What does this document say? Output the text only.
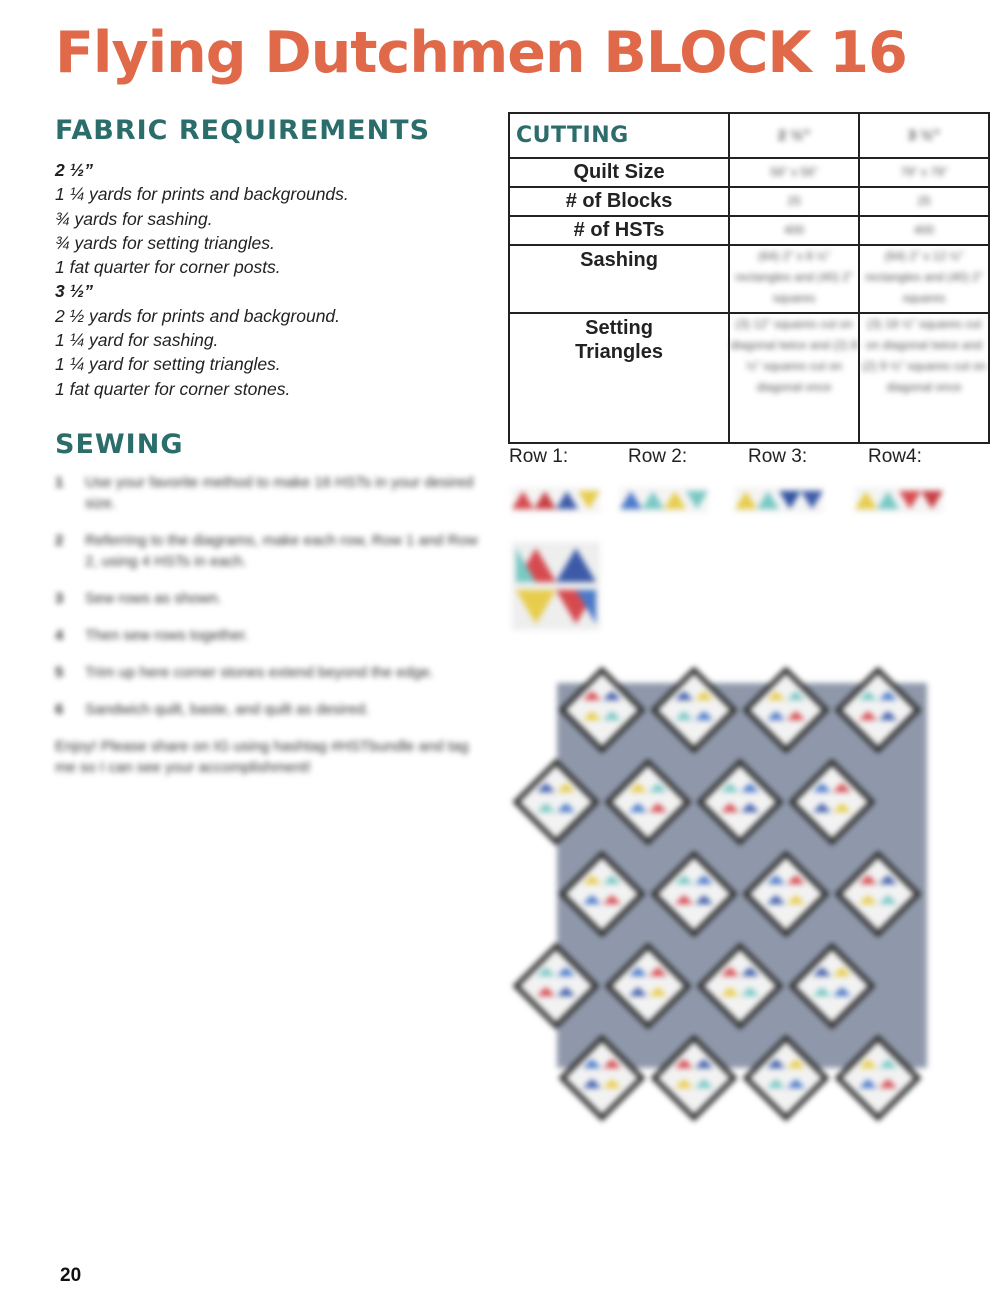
Flying Dutchmen BLOCK 16
FABRIC REQUIREMENTS
2 ½”
1 ¼ yards for prints and backgrounds.
¾ yards for sashing.
¾ yards for setting triangles.
1 fat quarter for corner posts.
3 ½”
2 ½ yards for prints and background.
1 ¼ yard for sashing.
1 ¼ yard for setting triangles.
1 fat quarter for corner stones.
SEWING
1 Use your favorite method to make 16 HSTs in your desired size.
2 Referring to the diagrams, make each row, Row 1 and Row 2, using 4 HSTs in each.
3 Sew rows as shown.
4 Then sew rows together.
5 Trim up here corner stones extend beyond the edge.
6 Sandwich quilt, baste, and quilt as desired.
Enjoy! Please share on IG using hashtag #HSTbundle and tag me so I can see your accomplishment!
CUTTING	2 ½”	3 ½”

Quilt Size	56” x 56”	79” x 79”

# of Blocks	25	25

# of HSTs	400	400

Sashing	(64) 2” x 8 ½” rectangles and (40) 2” squares	(64) 2” x 12 ½” rectangles and (40) 2” squares

Setting Triangles	(3) 12” squares cut on diagonal twice and (2) 8 ½” squares cut on diagonal once	(3) 18 ½” squares cut on diagonal twice and (2) 9 ½” squares cut on diagonal once
Row 1:	Row 2:	Row 3:	Row4:
20
